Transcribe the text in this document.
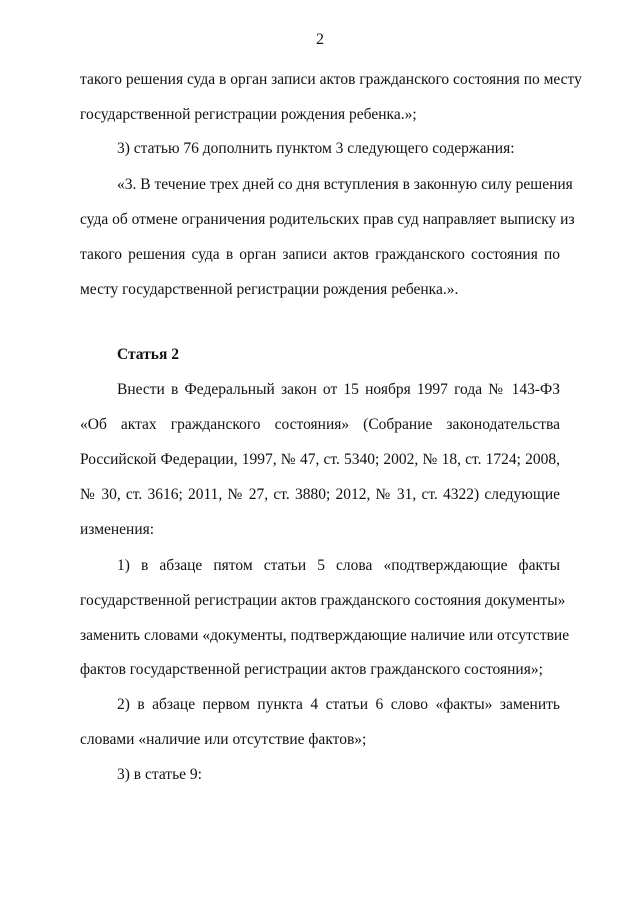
2
такого решения суда в орган записи актов гражданского состояния по месту
государственной регистрации рождения ребенка.»;
3) статью 76 дополнить пунктом 3 следующего содержания:
«3. В течение трех дней со дня вступления в законную силу решения
суда об отмене ограничения родительских прав суд направляет выписку из
такого решения суда в орган записи актов гражданского состояния по
месту государственной регистрации рождения ребенка.».
Статья 2
Внести в Федеральный закон от 15 ноября 1997 года № 143-ФЗ
«Об актах гражданского состояния» (Собрание законодательства
Российской Федерации, 1997, № 47, ст. 5340; 2002, № 18, ст. 1724; 2008,
№ 30, ст. 3616; 2011, № 27, ст. 3880; 2012, № 31, ст. 4322) следующие
изменения:
1) в абзаце пятом статьи 5 слова «подтверждающие факты
государственной регистрации актов гражданского состояния документы»
заменить словами «документы, подтверждающие наличие или отсутствие
фактов государственной регистрации актов гражданского состояния»;
2) в абзаце первом пункта 4 статьи 6 слово «факты» заменить
словами «наличие или отсутствие фактов»;
3) в статье 9:
